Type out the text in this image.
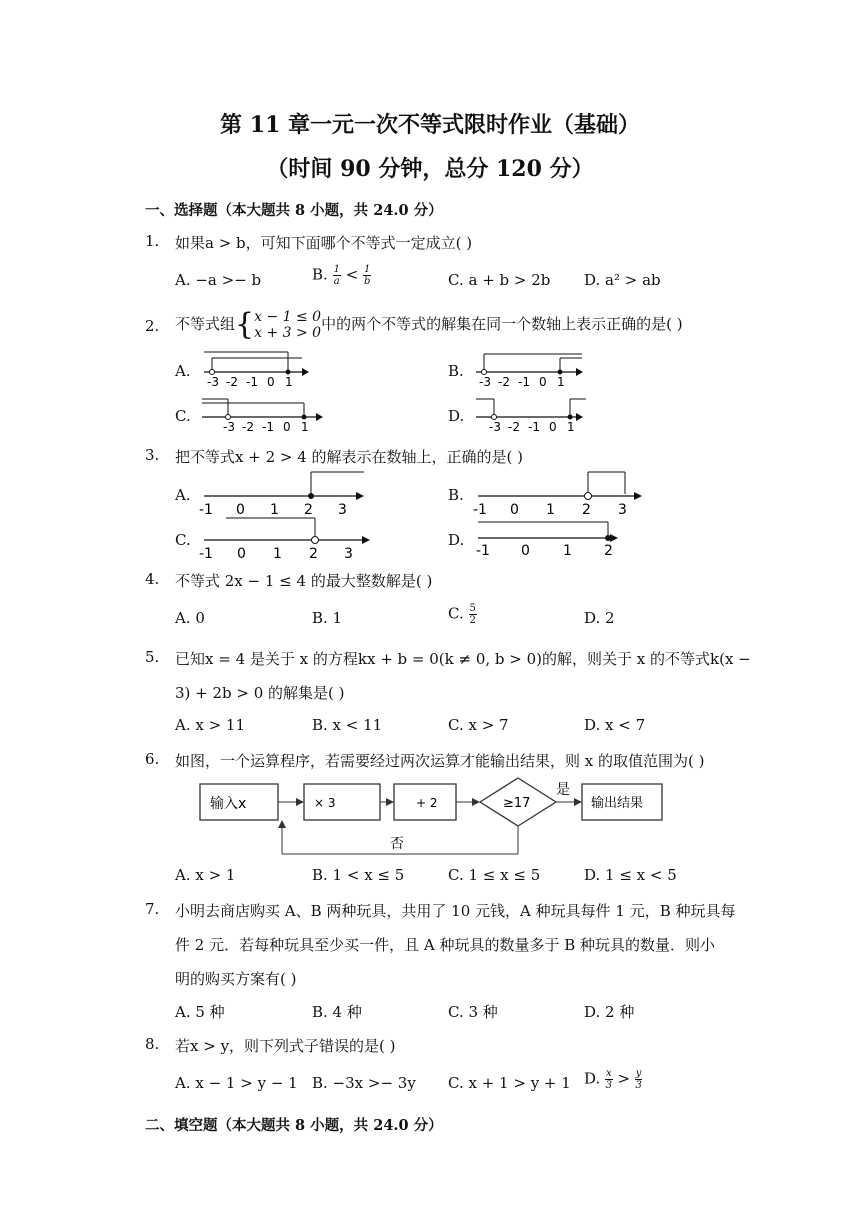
第 11 章一元一次不等式限时作业（基础）
（时间 90 分钟，总分 120 分）
一、选择题（本大题共 8 小题，共 24.0 分）
1. 如果a > b，可知下面哪个不等式一定成立( )
A. −a >− b	B. $\frac{1}{a} < \frac{1}{b}$	C. a + b > 2b D. a² > ab
2. 不等式组{ x − 1 ≤ 0
x + 3 > 0 中的两个不等式的解集在同一个数轴上表示正确的是( )
A.
-3 -2 -1 0 1
B.
-3 -2 -1 0 1
C.
-3 -2 -1 0 1
D.
-3 -2 -1 0 1
3. 把不等式x + 2 > 4 的解表示在数轴上，正确的是( )
A.
-1 0 1 2 3
B.
-1 0 1 2 3
C.
-1 0 1 2 3
D.
-1 0 1 2
4. 不等式 2x − 1 ≤ 4 的最大整数解是( )
A. 0	B. 1	C. $\frac{5}{2}$	D. 2
5. 已知x = 4 是关于 x 的方程kx + b = 0(k ≠ 0, b > 0)的解，则关于 x 的不等式k(x −
3) + 2b > 0 的解集是( )
A. x > 11	B. x < 11	C. x > 7	D. x < 7
6. 如图，一个运算程序，若需要经过两次运算才能输出结果，则 x 的取值范围为( )
输入x	× 3	+ 2	≥17
是
输出结果
否
A. x > 1	B. 1 < x ≤ 5	C. 1 ≤ x ≤ 5	D. 1 ≤ x < 5
7. 小明去商店购买 A、B 两种玩具，共用了 10 元钱，A 种玩具每件 1 元，B 种玩具每
件 2 元．若每种玩具至少买一件，且 A 种玩具的数量多于 B 种玩具的数量．则小
明的购买方案有( )
A. 5 种	B. 4 种	C. 3 种	D. 2 种
8. 若x > y，则下列式子错误的是( )
A. x − 1 > y − 1 B. −3x >− 3y C. x + 1 > y + 1 D. $\frac{x}{3} > \frac{y}{3}$
二、填空题（本大题共 8 小题，共 24.0 分）
